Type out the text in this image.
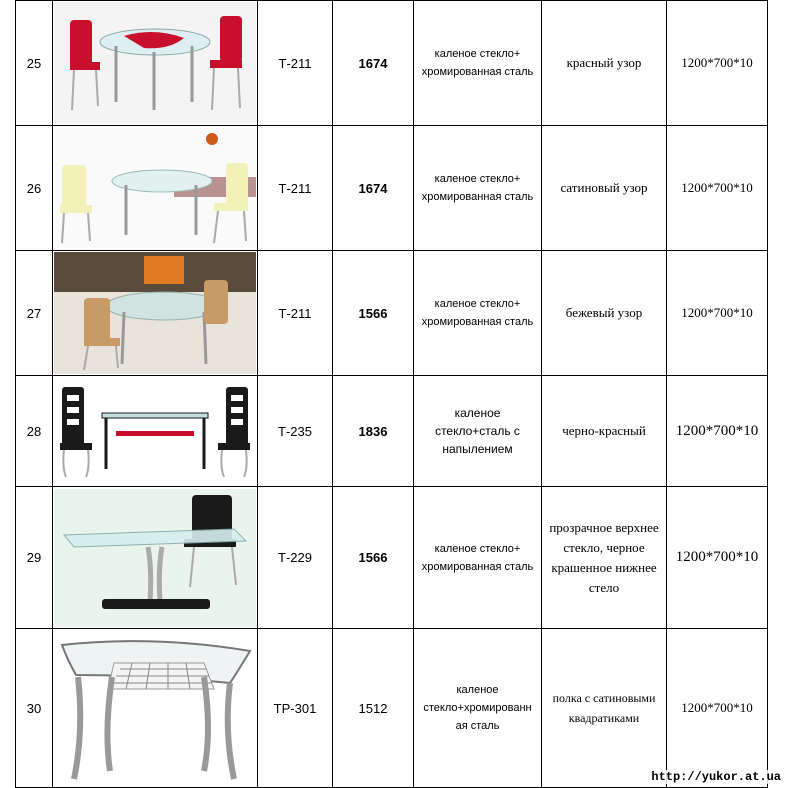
25		Т-211	1674	каленое стекло+ хромированная сталь	красный узор	1200*700*10
26		Т-211	1674	каленое стекло+ хромированная сталь	сатиновый узор	1200*700*10
27		Т-211	1566	каленое стекло+ хромированная сталь	бежевый узор	1200*700*10
28		Т-235	1836	каленое стекло+сталь с напылением	черно-красный	1200*700*10
29		Т-229	1566	каленое стекло+ хромированная сталь	прозрачное верхнее стекло, черное крашенное нижнее стело	1200*700*10
30		ТР-301	1512	каленое стекло+хромированн ая сталь	полка с сатиновыми квадратиками	1200*700*10
http://yukor.at.ua
